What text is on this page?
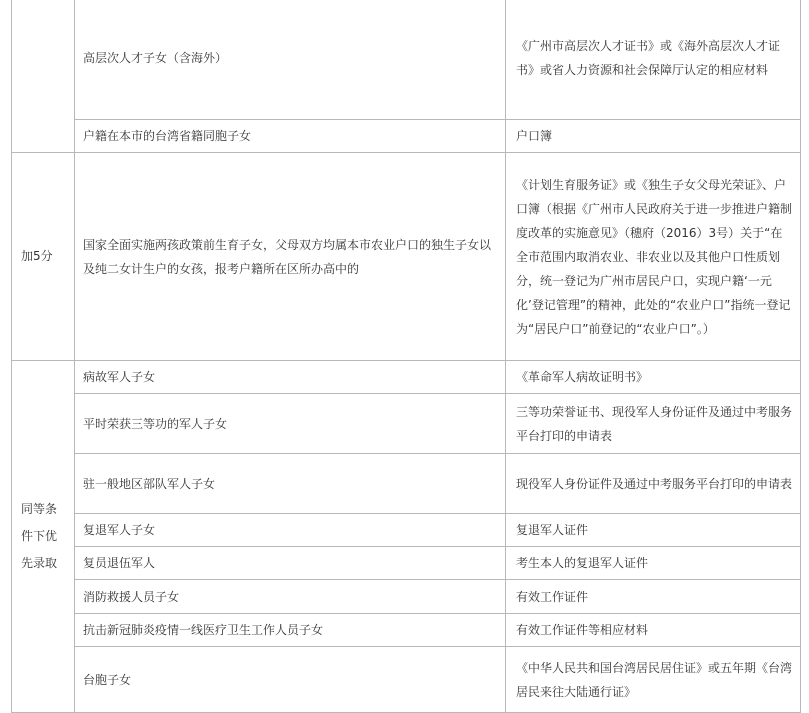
	高层次人才子女（含海外）	《广州市高层次人才证书》或《海外高层次人才证书》或省人力资源和社会保障厅认定的相应材料
	户籍在本市的台湾省籍同胞子女	户口簿
加5分	国家全面实施两孩政策前生育子女，父母双方均属本市农业户口的独生子女以及纯二女计生户的女孩，报考户籍所在区所办高中的	《计划生育服务证》或《独生子女父母光荣证》、户口簿（根据《广州市人民政府关于进一步推进户籍制度改革的实施意见》（穗府（2016）3号）关于“在全市范围内取消农业、非农业以及其他户口性质划分，统一登记为广州市居民户口，实现户籍‘一元化’登记管理”的精神，此处的“农业户口”指统一登记为“居民户口”前登记的“农业户口”。）
同等条件下优先录取	病故军人子女	《革命军人病故证明书》
	平时荣获三等功的军人子女	三等功荣誉证书、现役军人身份证件及通过中考服务平台打印的申请表
	驻一般地区部队军人子女	现役军人身份证件及通过中考服务平台打印的申请表
	复退军人子女	复退军人证件
	复员退伍军人	考生本人的复退军人证件
	消防救援人员子女	有效工作证件
	抗击新冠肺炎疫情一线医疗卫生工作人员子女	有效工作证件等相应材料
	台胞子女	《中华人民共和国台湾居民居住证》或五年期《台湾居民来往大陆通行证》
